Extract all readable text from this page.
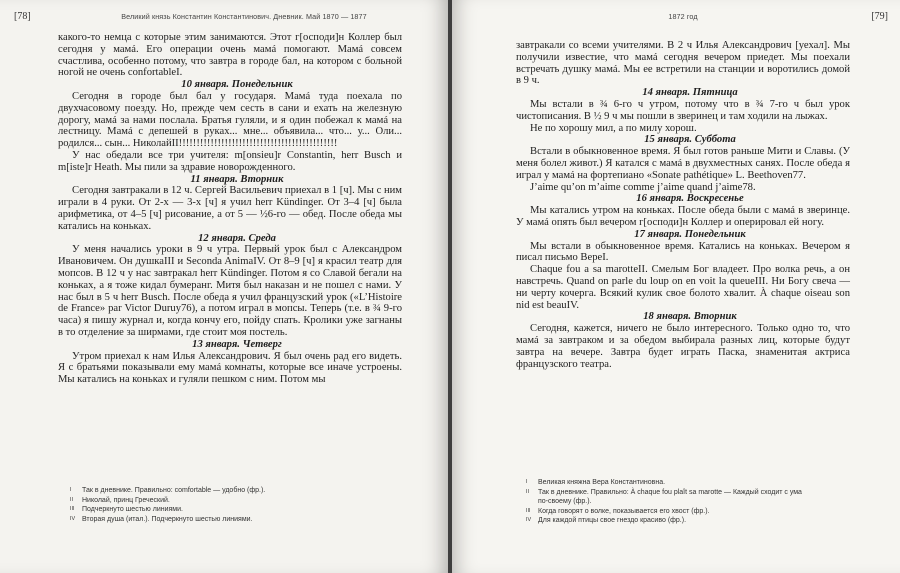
[78]	Великий князь Константин Константинович. Дневник. Май 1870 — 1877

какого-то немца с которые этим занимаются. Этот г[осподи]н Коллер был сегодня у мамá. Его операции очень мамá помогают. Мамá совсем счастлива, особенно потому, что завтра в городе бал, на котором с больной ногой не очень confortableI.

10 января. Понедельник

Сегодня в городе был бал у государя. Мамá туда поехала по двухчасовому поезду. Но, прежде чем сесть в сани и ехать на железную дорогу, мамá за нами послала. Братья гуляли, и я один побежал к мамá на лестницу. Мамá с депешей в руках... мне... объявила... что... у... Оли... родился... сын... НиколайII!!!!!!!!!!!!!!!!!!!!!!!!!!!!!!!!!!!!!!!!!!!!!

У нас обедали все три учителя: m[onsieu]r Constantin, herr Busch и m[iste]r Heath. Мы пили за здравие новорожденного.

11 января. Вторник

Сегодня завтракали в 12 ч. Сергей Васильевич приехал в 1 [ч]. Мы с ним играли в 4 руки. От 2-х — 3-х [ч] я учил herr Kündinger. От 3–4 [ч] была арифметика, от 4–5 [ч] рисование, а от 5 — ½6-го — обед. После обеда мы катались на коньках.

12 января. Среда

У меня начались уроки в 9 ч утра. Первый урок был с Александром Ивановичем. Он душкаIII и Seconda AnimaIV. От 8–9 [ч] я красил театр для мопсов. В 12 ч у нас завтракал herr Kündinger. Потом я со Славой бегали на коньках, а я тоже кидал бумеранг. Митя был наказан и не пошел с нами. У нас был в 5 ч herr Busch. После обеда я учил французский урок («L’Histoire de France» par Victor Duruy76), а потом играл в мопсы. Теперь (т.е. в ¾ 9-го часа) я пишу журнал и, когда кончу его, пойду спать. Кролики уже загнаны в то отделение за ширмами, где стоит моя постель.

13 января. Четверг

Утром приехал к нам Илья Александрович. Я был очень рад его видеть. Я с братьями показывали ему мамá комнаты, которые все иначе устроены. Мы катались на коньках и гуляли пешком с ним. Потом мы

I Так в дневнике. Правильно: comfortable — удобно (фр.).
II Николай, принц Греческий.
III Подчеркнуто шестью линиями.
IV Вторая душа (итал.). Подчеркнуто шестью линиями.
[79]
1872 год

завтракали со всеми учителями. В 2 ч Илья Александрович [уехал]. Мы получили известие, что мамá сегодня вечером приедет. Мы поехали встречать душку мамá. Мы ее встретили на станции и воротились домой в 9 ч.

14 января. Пятница

Мы встали в ¾ 6-го ч утром, потому что в ¾ 7-го ч был урок чистописания. В ½ 9 ч мы пошли в зверинец и там ходили на лыжах.

Не по хорошу мил, а по милу хорош.

15 января. Суббота

Встали в обыкновенное время. Я был готов раньше Мити и Славы. (У меня болел живот.) Я катался с мамá в двухместных санях. После обеда я играл у мамá на фортепиано «Sonate pathétique» L. Beethoven77.

J’aime qu’on m’aime comme j’aime quand j’aime78.

16 января. Воскресенье

Мы катались утром на коньках. После обеда были с мамá в зверинце. У мамá опять был вечером г[осподи]н Коллер и оперировал ей ногу.

17 января. Понедельник

Мы встали в обыкновенное время. Катались на коньках. Вечером я писал письмо ВереI.

Chaque fou a sa marotteII. Смелым Бог владеет. Про волка речь, а он навстречь. Quand on parle du loup on en voit la queueIII. Ни Богу свеча — ни черту кочерга. Всякий кулик свое болото хвалит. À chaque oiseau son nid est beauIV.

18 января. Вторник

Сегодня, кажется, ничего не было интересного. Только одно то, что мамá за завтраком и за обедом выбирала разных лиц, которые будут завтра на вечере. Завтра будет играть Паска, знаменитая актриса французского театра.

I Великая княжна Вера Константиновна.
II Так в дневнике. Правильно: À chaque fou plaît sa marotte — Каждый сходит с ума
по-своему (фр.).
III Когда говорят о волке, показывается его хвост (фр.).
IV Для каждой птицы свое гнездо красиво (фр.).
